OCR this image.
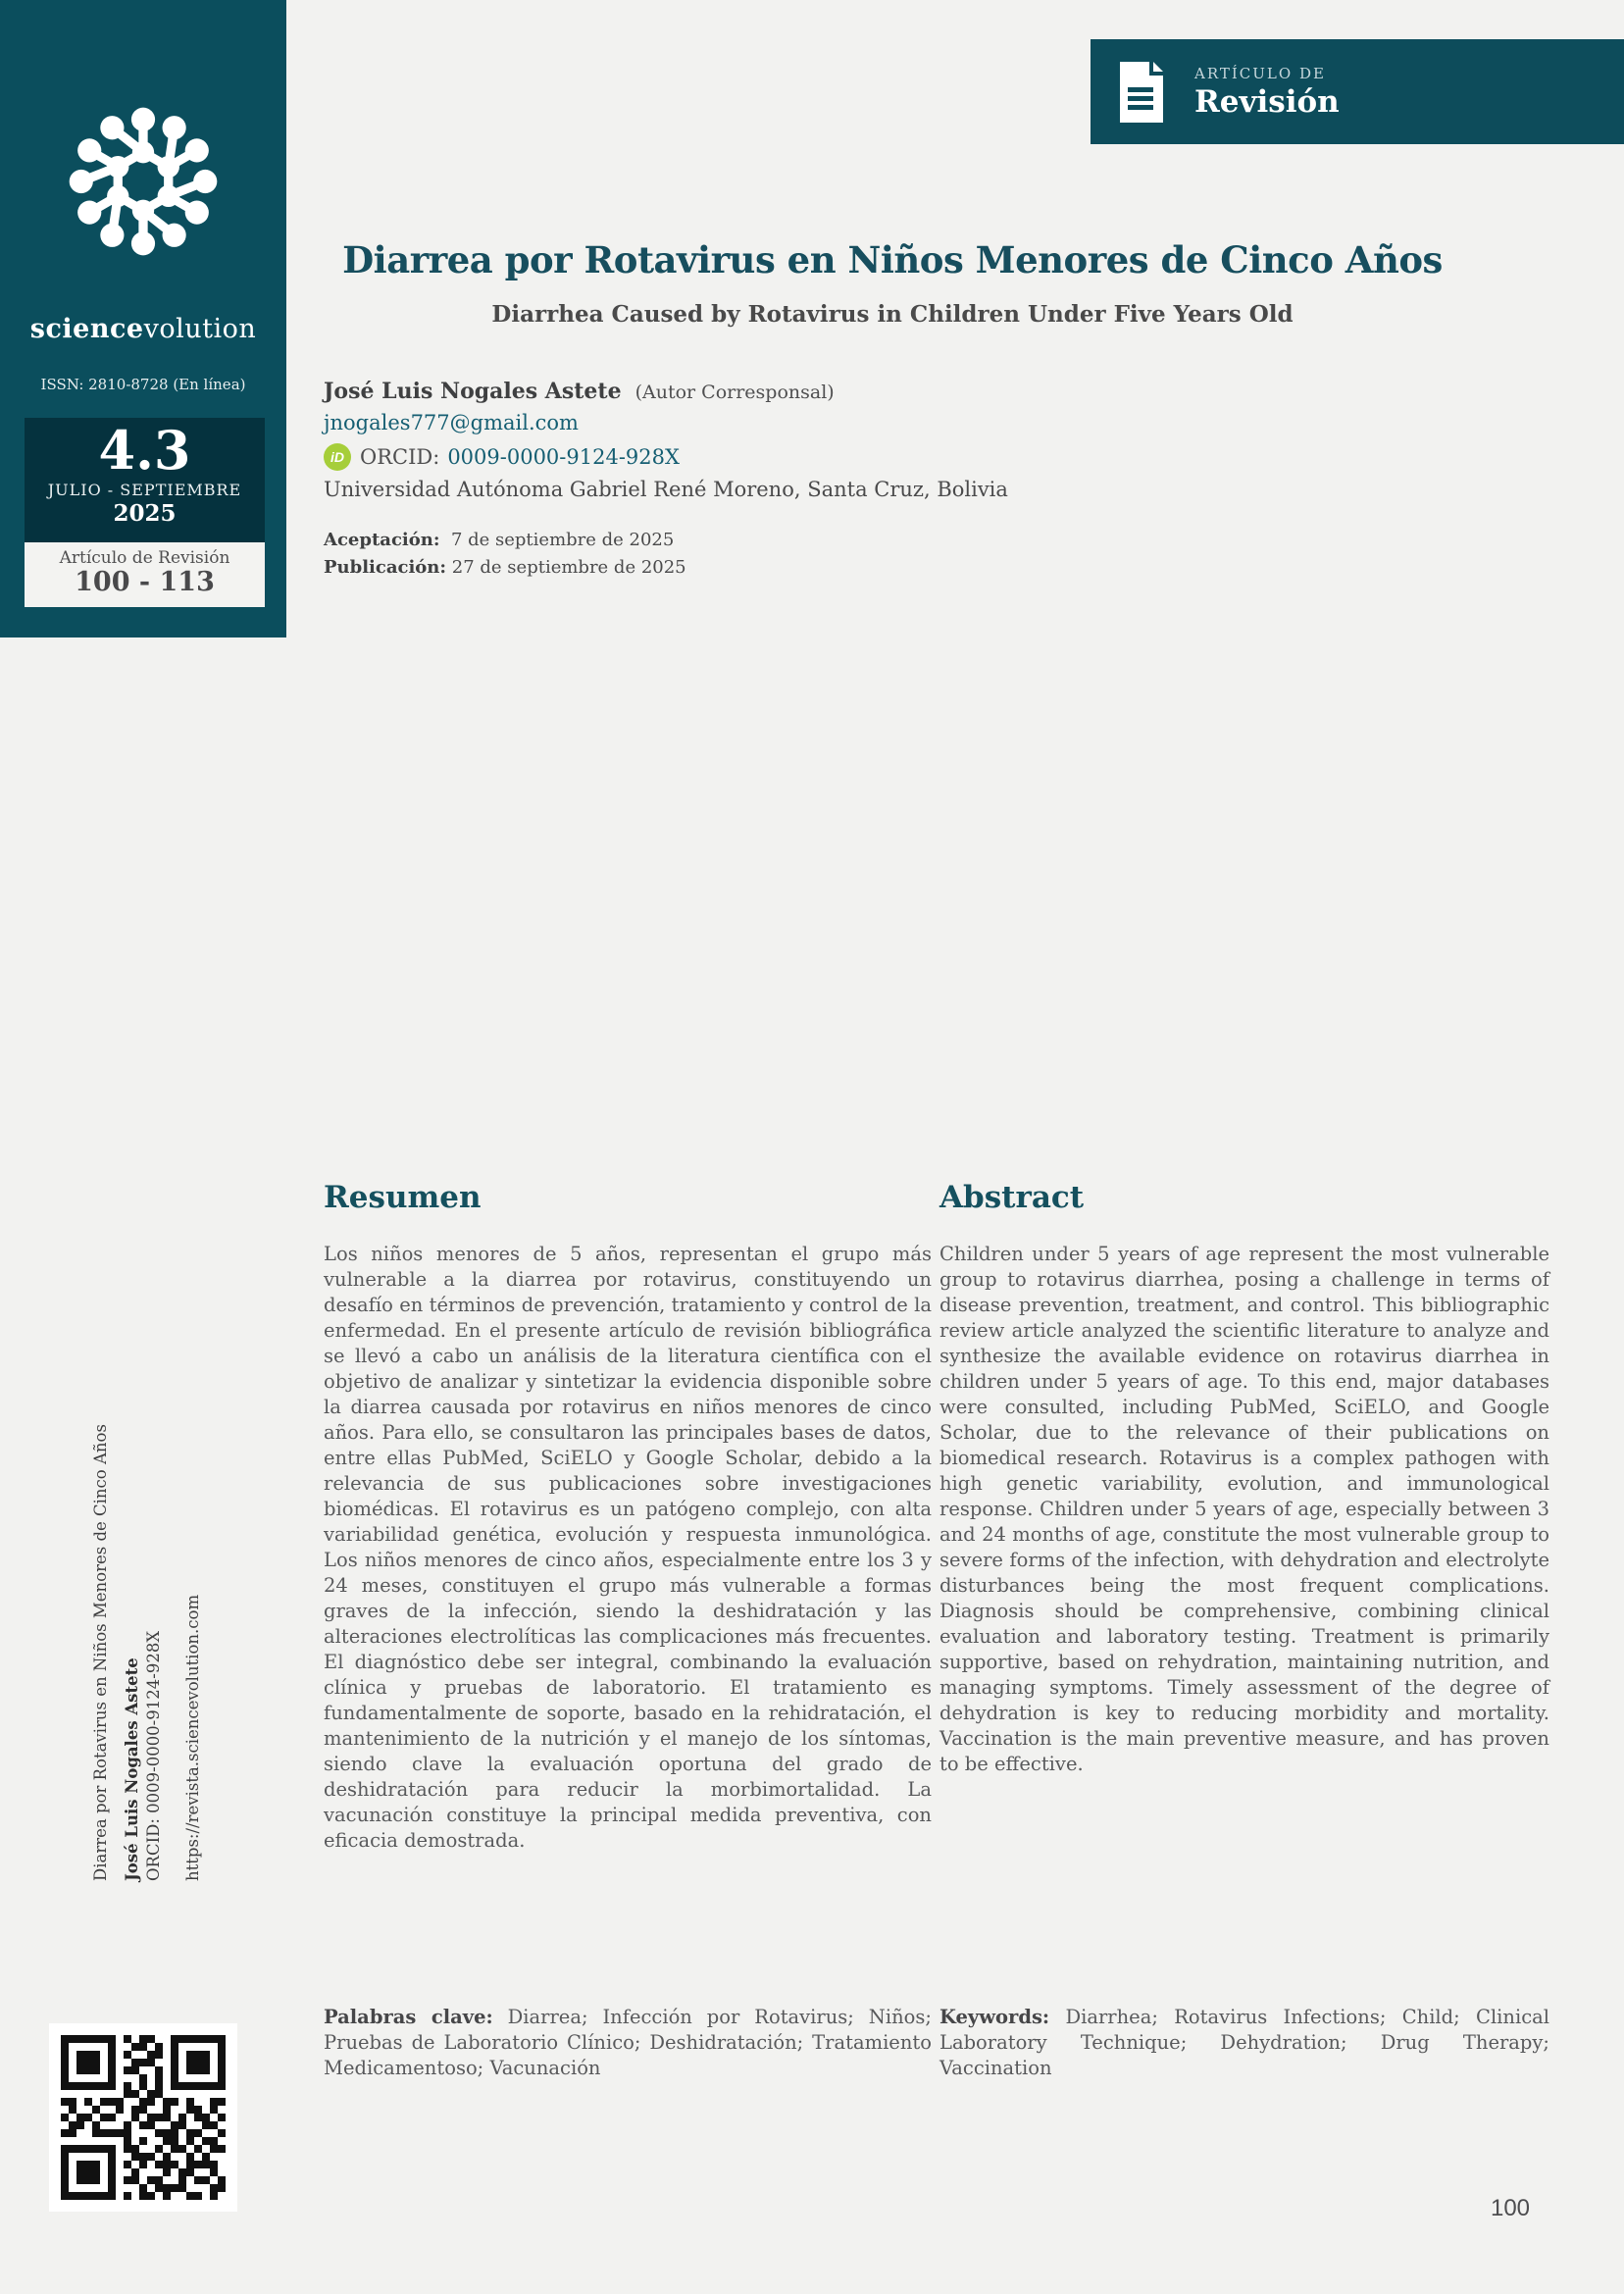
sciencevolution
ISSN: 2810-8728 (En línea)
4.3
JULIO - SEPTIEMBRE
2025
Artículo de Revisión
100 - 113
ARTÍCULO DE
Revisión
Diarrea por Rotavirus en Niños Menores de Cinco Años
Diarrhea Caused by Rotavirus in Children Under Five Years Old
José Luis Nogales Astete (Autor Corresponsal)
jnogales777@gmail.com
iD ORCID: 0009-0000-9124-928X
Universidad Autónoma Gabriel René Moreno, Santa Cruz, Bolivia
Aceptación: 7 de septiembre de 2025
Publicación: 27 de septiembre de 2025
Resumen

Los niños menores de 5 años, representan el grupo más vulnerable a la diarrea por rotavirus, constituyendo un desafío en términos de prevención, tratamiento y control de la enfermedad. En el presente artículo de revisión bibliográfica se llevó a cabo un análisis de la literatura científica con el objetivo de analizar y sintetizar la evidencia disponible sobre la diarrea causada por rotavirus en niños menores de cinco años. Para ello, se consultaron las principales bases de datos, entre ellas PubMed, SciELO y Google Scholar, debido a la relevancia de sus publicaciones sobre investigaciones biomédicas. El rotavirus es un patógeno complejo, con alta variabilidad genética, evolución y respuesta inmunológica. Los niños menores de cinco años, especialmente entre los 3 y 24 meses, constituyen el grupo más vulnerable a formas graves de la infección, siendo la deshidratación y las alteraciones electrolíticas las complicaciones más frecuentes. El diagnóstico debe ser integral, combinando la evaluación clínica y pruebas de laboratorio. El tratamiento es fundamentalmente de soporte, basado en la rehidratación, el mantenimiento de la nutrición y el manejo de los síntomas, siendo clave la evaluación oportuna del grado de deshidratación para reducir la morbimortalidad. La vacunación constituye la principal medida preventiva, con eficacia demostrada.

Palabras clave: Diarrea; Infección por Rotavirus; Niños; Pruebas de Laboratorio Clínico; Deshidratación; Tratamiento Medicamentoso; Vacunación

Abstract

Children under 5 years of age represent the most vulnerable group to rotavirus diarrhea, posing a challenge in terms of disease prevention, treatment, and control. This bibliographic review article analyzed the scientific literature to analyze and synthesize the available evidence on rotavirus diarrhea in children under 5 years of age. To this end, major databases were consulted, including PubMed, SciELO, and Google Scholar, due to the relevance of their publications on biomedical research. Rotavirus is a complex pathogen with high genetic variability, evolution, and immunological response. Children under 5 years of age, especially between 3 and 24 months of age, constitute the most vulnerable group to severe forms of the infection, with dehydration and electrolyte disturbances being the most frequent complications. Diagnosis should be comprehensive, combining clinical evaluation and laboratory testing. Treatment is primarily supportive, based on rehydration, maintaining nutrition, and managing symptoms. Timely assessment of the degree of dehydration is key to reducing morbidity and mortality. Vaccination is the main preventive measure, and has proven to be effective.

Keywords: Diarrhea; Rotavirus Infections; Child; Clinical Laboratory Technique; Dehydration; Drug Therapy; Vaccination

Diarrea por Rotavirus en Niños Menores de Cinco Años José Luis Nogales Astete ORCID: 0009-0000-9124-928X https://revista.sciencevolution.com
100
